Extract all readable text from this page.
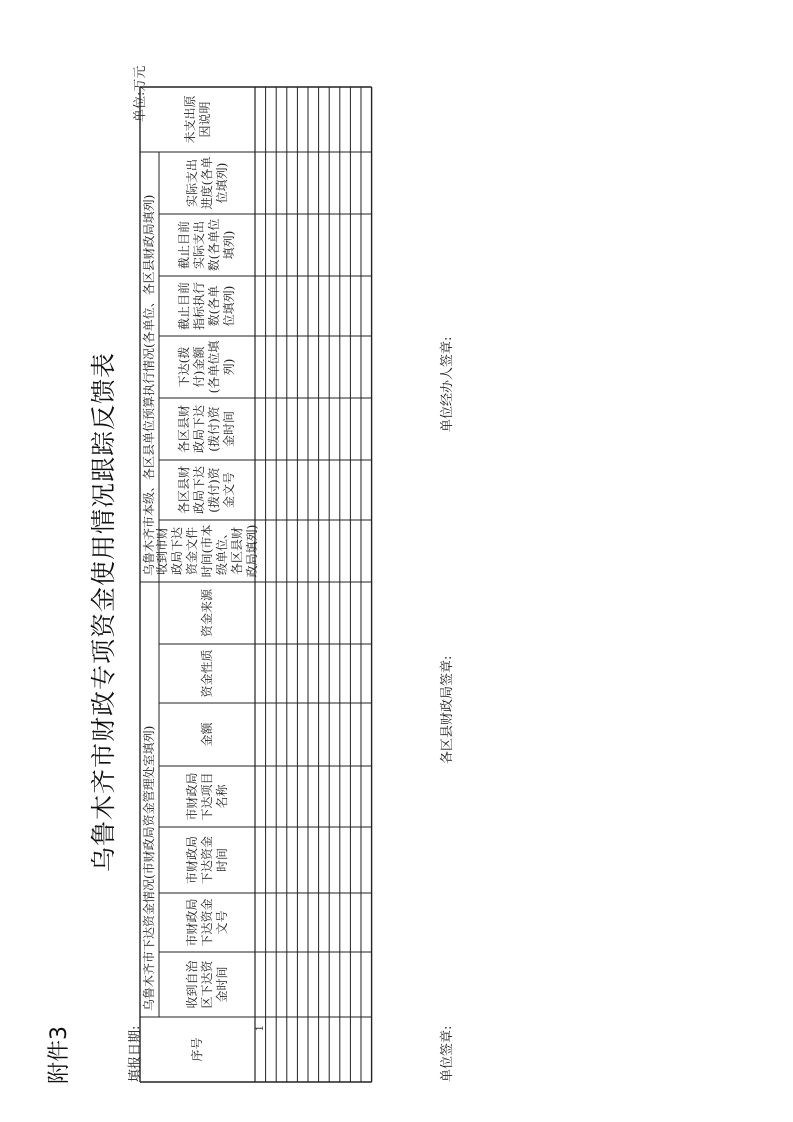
附件3
乌鲁木齐市财政专项资金使用情况跟踪反馈表
填报日期:
单位:万元
乌鲁木齐市下达资金情况(市财政局资金管理处室填列)
乌鲁木齐市本级、各区县单位预算执行情况(各单位、各区县财政局填列)
序号
收到自治区下达资金时间
市财政局下达资金文号
市财政局下达资金时间
市财政局下达项目名称
金额
资金性质
资金来源
收到市财政局下达资金文件时间(市本级单位、各区县财政局填列)
各区县财政局下达(拨付)资金文号
各区县财政局下达(拨付)资金时间
下达(拨付)金额(各单位填列)
截止目前指标执行数(各单位填列)
截止目前实际支出数(各单位填列)
实际支出进度(各单位填列)
未支出原因说明
1	单位签章:
各区县财政局签章:
单位经办人签章:
